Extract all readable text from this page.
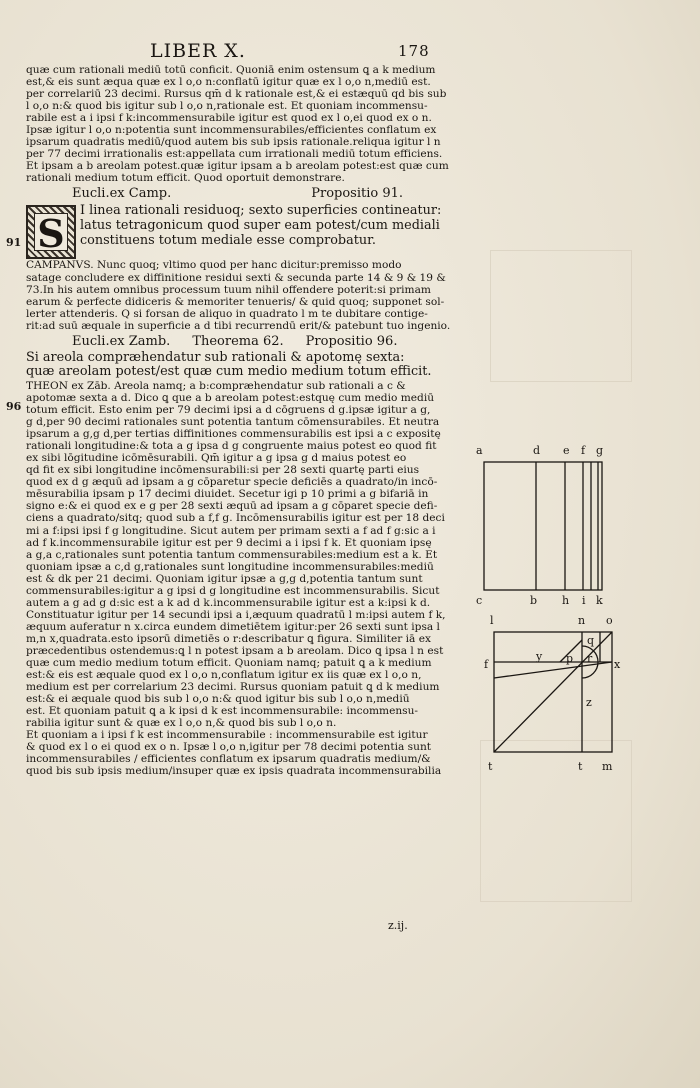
LIBER X.	178
91
96
quæ cum rationali mediū totū conficit. Quoniā enim ostensum ꝗ a k medium
est,& eis sunt æqua quæ ex l o,o n:conflatū igitur quæ ex l o,o n,mediū est.
per correlariū 23 decimi. Rursus qm̄ d k rationale est,& ei estæquū qd bis sub
l o,o n:& quod bis igitur sub l o,o n,rationale est. Et quoniam incommensu-
rabile est a i ipsi f k:incommensurabile igitur est quod ex l o,ei quod ex o n.
Ipsæ igitur l o,o n:potentia sunt incommensurabiles/efficientes conflatum ex
ipsarum quadratis mediū/quod autem bis sub ipsis rationale.reliqua igitur l n
per 77 decimi irrationalis est:appellata cum irrationali mediū totum efficiens.
Et ipsam a b areolam potest.quæ igitur ipsam a b areolam potest:est quæ cum
rationali medium totum efficit. Quod oportuit demonstrare.
Eucli.ex Camp.	Propositio 91.
S
I linea rationali residuoq; sexto superficies contineatur:
latus tetragonicum quod super eam potest/cum mediali
constituens totum mediale esse comprobatur.
CAMPANVS. Nunc quoq; vltimo quod per hanc dicitur:premisso modo
satage concludere ex diffinitione residui sexti & secunda parte 14 & 9 & 19 &
73.In his autem omnibus processum tuum nihil offendere poterit:si primam
earum & perfecte didiceris & memoriter tenueris/ & quid quoq; supponet sol-
lerter attenderis. Q si forsan de aliquo in quadrato l m te dubitare contige-
rit:ad suū æquale in superficie a d tibi recurrendū erit/& patebunt tuo ingenio.
Eucli.ex Zamb. Theorema 62. Propositio 96.
Si areola compræhendatur sub rationali & apotomę sexta:
quæ areolam potest/est quæ cum medio medium totum efficit.
THEON ex Zāb. Areola namq; a b:compræhendatur sub rationali a c &
apotomæ sexta a d. Dico ꝗ que a b areolam potest:estquę cum medio mediū
totum efficit. Esto enim per 79 decimi ipsi a d cōgruens d g.ipsæ igitur a g,
g d,per 90 decimi rationales sunt potentia tantum cōmensurabiles. Et neutra
ipsarum a g,g d,per tertias diffinitiones commensurabilis est ipsi a c expositę
rationali longitudine:& tota a g ipsa d g congruente maius potest eo quod fit
ex sibi lōgitudine icōmēsurabili. Qm̄ igitur a g ipsa g d maius potest eo
qd fit ex sibi longitudine incōmensurabili:si per 28 sexti quartę parti eius
quod ex d g æquū ad ipsam a g cōparetur specie deficiēs a quadrato/in incō-
mēsurabilia ipsam p 17 decimi diuidet. Secetur igi p 10 primi a g bifariā in
signo e:& ei quod ex e g per 28 sexti æquū ad ipsam a g cōparet specie defi-
ciens a quadrato/sitq; quod sub a f,f g. Incōmensurabilis igitur est per 18 deci
mi a f:ipsi ipsi f g longitudine. Sicut autem per primam sexti a f ad f g:sic a i
ad f k.incommensurabile igitur est per 9 decimi a i ipsi f k. Et quoniam ipsę
a g,a c,rationales sunt potentia tantum commensurabiles:medium est a k. Et
quoniam ipsæ a c,d g,rationales sunt longitudine incommensurabiles:mediū
est & dk per 21 decimi. Quoniam igitur ipsæ a g,g d,potentia tantum sunt
commensurabiles:igitur a g ipsi d g longitudine est incommensurabilis. Sicut
autem a g ad g d:sic est a k ad d k.incommensurabile igitur est a k:ipsi k d.
Constituatur igitur per 14 secundi ipsi a i,æquum quadratū l m:ipsi autem f k,
æquum auferatur n x.circa eundem dimetiētem igitur:per 26 sexti sunt ipsa l
m,n x,quadrata.esto ipsorū dimetiēs o r:describatur ꝗ figura. Similiter iā ex
præcedentibus ostendemus:ꝗ l n potest ipsam a b areolam. Dico ꝗ ipsa l n est
quæ cum medio medium totum efficit. Quoniam namq; patuit ꝗ a k medium
est:& eis est æquale quod ex l o,o n,conflatum igitur ex iis quæ ex l o,o n,
medium est per correlarium 23 decimi. Rursus quoniam patuit ꝗ d k medium
est:& ei æquale quod bis sub l o,o n:& quod igitur bis sub l o,o n,mediū
est. Et quoniam patuit ꝗ a k ipsi d k est incommensurabile: incommensu-
rabilia igitur sunt & quæ ex l o,o n,& quod bis sub l o,o n.
Et quoniam a i ipsi f k est incommensurabile : incommensurabile est igitur
& quod ex l o ei quod ex o n. Ipsæ l o,o n,igitur per 78 decimi potentia sunt
incommensurabiles / efficientes conflatum ex ipsarum quadratis medium/&
quod bis sub ipsis medium/insuper quæ ex ipsis quadrata incommensurabilia
z.ij.
a	d e f g
c	b h i k
l	n o
q
y p	x
f	r
z
t	t m
